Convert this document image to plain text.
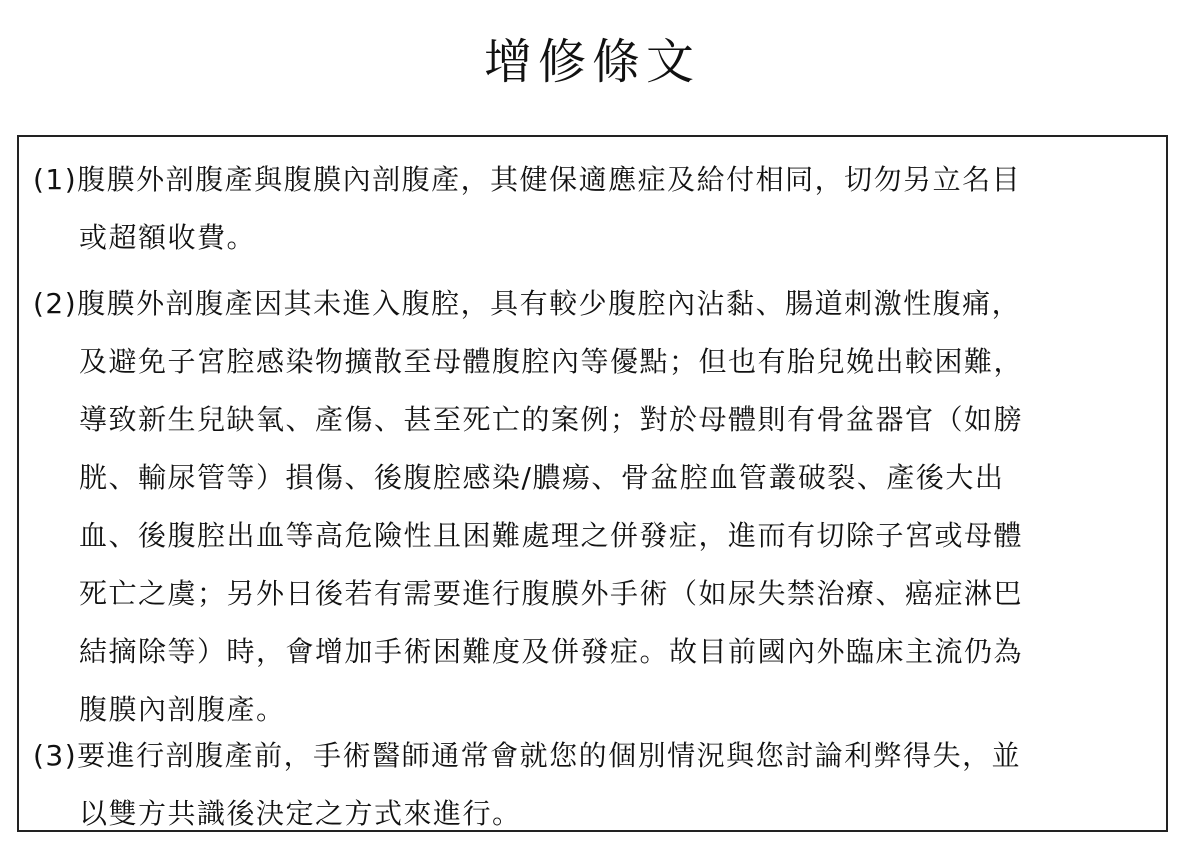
增修條文
(1)腹膜外剖腹產與腹膜內剖腹產，其健保適應症及給付相同，切勿另立名目
或超額收費。
(2)腹膜外剖腹產因其未進入腹腔，具有較少腹腔內沾黏、腸道刺激性腹痛，
及避免子宮腔感染物擴散至母體腹腔內等優點；但也有胎兒娩出較困難，
導致新生兒缺氧、產傷、甚至死亡的案例；對於母體則有骨盆器官（如膀
胱、輸尿管等）損傷、後腹腔感染/膿瘍、骨盆腔血管叢破裂、產後大出
血、後腹腔出血等高危險性且困難處理之併發症，進而有切除子宮或母體
死亡之虞；另外日後若有需要進行腹膜外手術（如尿失禁治療、癌症淋巴
結摘除等）時，會增加手術困難度及併發症。故目前國內外臨床主流仍為
腹膜內剖腹產。
(3)要進行剖腹產前，手術醫師通常會就您的個別情況與您討論利弊得失，並
以雙方共識後決定之方式來進行。
